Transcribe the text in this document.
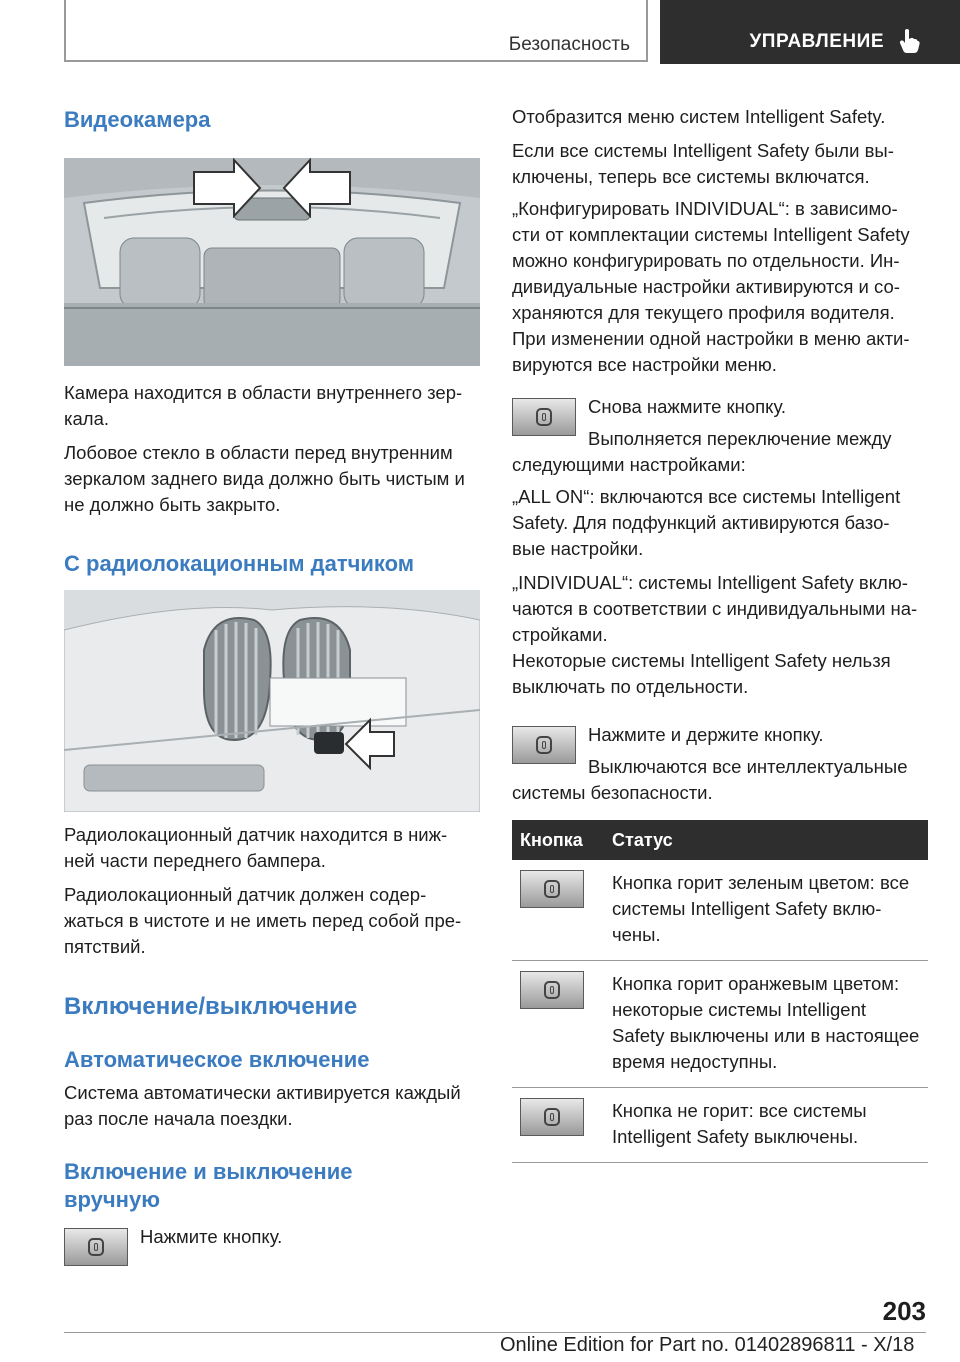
Безопасность	УПРАВЛЕНИЕ
Видеокамера

Камера находится в области внутреннего зер-
кала.

Лобовое стекло в области перед внутренним
зеркалом заднего вида должно быть чистым и
не должно быть закрыто.

С радиолокационным датчиком

Радиолокационный датчик находится в ниж-
ней части переднего бампера.

Радиолокационный датчик должен содер-
жаться в чистоте и не иметь перед собой пре-
пятствий.

Включение/выключение
Автоматическое включение

Система автоматически активируется каждый
раз после начала поездки.

Включение и выключение
вручную

Нажмите кнопку.

Отобразится меню систем Intelligent Safety.

Если все системы Intelligent Safety были вы-
ключены, теперь все системы включатся.

„Конфигурировать INDIVIDUAL“: в зависимо-
сти от комплектации системы Intelligent Safety
можно конфигурировать по отдельности. Ин-
дивидуальные настройки активируются и со-
храняются для текущего профиля водителя.
При изменении одной настройки в меню акти-
вируются все настройки меню.

Снова нажмите кнопку.

Выполняется переключение между
следующими настройками:

„ALL ON“: включаются все системы Intelligent
Safety. Для подфункций активируются базо-
вые настройки.

„INDIVIDUAL“: системы Intelligent Safety вклю-
чаются в соответствии с индивидуальными на-
стройками.

Некоторые системы Intelligent Safety нельзя
выключать по отдельности.

Нажмите и держите кнопку.

Выключаются все интеллектуальные
системы безопасности.

Кнопка	Статус

	Кнопка горит зеленым цветом: все
системы Intelligent Safety вклю-
чены.

	Кнопка горит оранжевым цветом:
некоторые системы Intelligent
Safety выключены или в настоящее
время недоступны.

	Кнопка не горит: все системы
Intelligent Safety выключены.
203
Online Edition for Part no. 01402896811 - X/18
